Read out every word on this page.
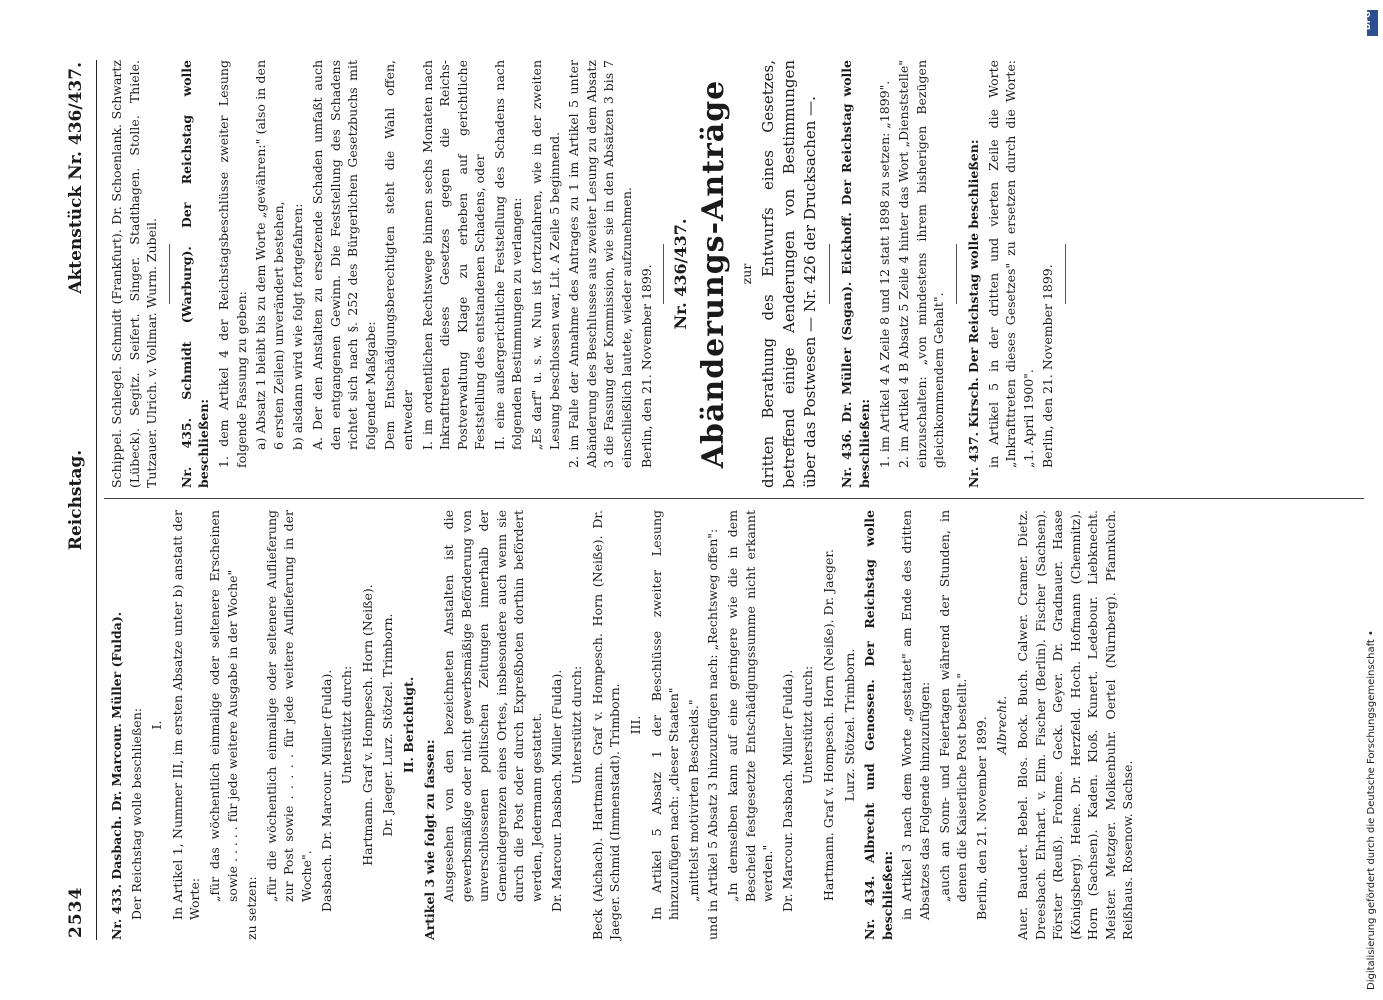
2534
Reichstag.
Aktenstück Nr. 436/437.

Nr. 433. Dasbach. Dr. Marcour. Müller (Fulda). Der Reichstag wolle beschließen: I. In Artikel 1, Nummer III, im ersten Absatze unter b) anstatt der Worte: „für das wöchentlich einmalige oder seltenere Erscheinen sowie . . . . . für jede weitere Ausgabe in der Woche"

zu setzen:

„für die wöchentlich einmalige oder seltenere Auflieferung zur Post sowie . . . . . für jede weitere Auflieferung in der Woche". Dasbach. Dr. Marcour. Müller (Fulda). Unterstützt durch: Hartmann. Graf v. Hompesch. Horn (Neiße). Dr. Jaeger. Lurz. Stötzel. Trimborn. II. Berichtigt.

Artikel 3 wie folgt zu fassen: Ausgesehen von den bezeichneten Anstalten ist die gewerbsmäßige oder nicht gewerbsmäßige Beförderung von unverschlossenen politischen Zeitungen innerhalb der Gemeindegrenzen eines Ortes, insbesondere auch wenn sie durch die Post oder durch Expreßboten dorthin befördert werden, Jedermann gestattet. Dr. Marcour. Dasbach. Müller (Fulda). Unterstützt durch: Beck (Aichach). Hartmann. Graf v. Hompesch. Horn (Neiße). Dr. Jaeger. Schmid (Immenstadt). Trimborn. III. In Artikel 5 Absatz 1 der Beschlüsse zweiter Lesung hinzuzufügen nach: „dieser Staaten" „mittelst motivirten Bescheids." und in Artikel 5 Absatz 3 hinzuzufügen nach: „Rechtsweg offen": „In demselben kann auf eine geringere wie die in dem Bescheid festgesetzte Entschädigungssumme nicht erkannt werden." Dr. Marcour. Dasbach. Müller (Fulda). Unterstützt durch: Hartmann. Graf v. Hompesch. Horn (Neiße). Dr. Jaeger. Lurz. Stötzel. Trimborn. Nr. 434. Albrecht und Genossen. Der Reichstag wolle beschließen: in Artikel 3 nach dem Worte „gestattet" am Ende des dritten Absatzes das Folgende hinzuzufügen: „auch an Sonn- und Feiertagen während der Stunden, in denen die Kaiserliche Post bestellt." Berlin, den 21. November 1899. Albrecht. Auer. Baudert. Bebel. Blos. Bock. Buch. Calwer. Cramer. Dietz. Dreesbach. Ehrhart. v. Elm. Fischer (Berlin). Fischer (Sachsen). Förster (Reuß). Frohme. Geck. Geyer. Dr. Gradnauer. Haase (Königsberg). Heine. Dr. Herzfeld. Hoch. Hofmann (Chemnitz). Horn (Sachsen). Kaden. Kloß. Kunert. Ledebour. Liebknecht. Meister. Metzger. Molkenbuhr. Oertel (Nürnberg). Pfannkuch. Reißhaus. Rosenow. Sachse.

Schippel. Schlegel. Schmidt (Frankfurt). Dr. Schoenlank. Schwartz (Lübeck). Segitz. Seifert. Singer. Stadthagen. Stolle. Thiele. Tutzauer. Ulrich. v. Vollmar. Wurm. Zubeil. Nr. 435. Schmidt (Warburg). Der Reichstag wolle beschließen: 1. dem Artikel 4 der Reichstagsbeschlüsse zweiter Lesung folgende Fassung zu geben: a) Absatz 1 bleibt bis zu dem Worte „gewähren:" (also in den 6 ersten Zeilen) unverändert bestehen, b) alsdann wird wie folgt fortgefahren: A. Der den Anstalten zu ersetzende Schaden umfaßt auch den entgangenen Gewinn. Die Feststellung des Schadens richtet sich nach §. 252 des Bürgerlichen Gesetzbuchs mit folgender Maßgabe: Dem Entschädigungsberechtigten steht die Wahl offen, entweder I. im ordentlichen Rechtswege binnen sechs Monaten nach Inkrafttreten dieses Gesetzes gegen die Reichs-Postverwaltung Klage zu erheben auf gerichtliche Feststellung des entstandenen Schadens, oder II. eine außergerichtliche Feststellung des Schadens nach folgenden Bestimmungen zu verlangen: „Es darf" u. s. w. Nun ist fortzufahren, wie in der zweiten Lesung beschlossen war, Lit. A Zeile 5 beginnend. 2. im Falle der Annahme des Antrages zu 1 im Artikel 5 unter Abänderung des Beschlusses aus zweiter Lesung zu dem Absatz 3 die Fassung der Kommission, wie sie in den Absätzen 3 bis 7 einschließlich lautete, wieder aufzunehmen. Berlin, den 21. November 1899. Nr. 436/437. Abänderungs-Anträge zur dritten Berathung des Entwurfs eines Gesetzes, betreffend einige Aenderungen von Bestimmungen über das Postwesen — Nr. 426 der Drucksachen —. Nr. 436. Dr. Müller (Sagan). Eickhoff. Der Reichstag wolle beschließen: 1. im Artikel 4 A Zeile 8 und 12 statt 1898 zu setzen: „1899". 2. im Artikel 4 B Absatz 5 Zeile 4 hinter das Wort „Dienststelle" einzuschalten: „von mindestens ihrem bisherigen Bezügen gleichkommendem Gehalt". Nr. 437. Kirsch. Der Reichstag wolle beschließen: in Artikel 5 in der dritten und vierten Zeile die Worte „Inkrafttreten dieses Gesetzes" zu ersetzen durch die Worte: „1. April 1900". Berlin, den 21. November 1899.

DFG
Digitalisierung gefördert durch die Deutsche Forschungsgemeinschaft •
